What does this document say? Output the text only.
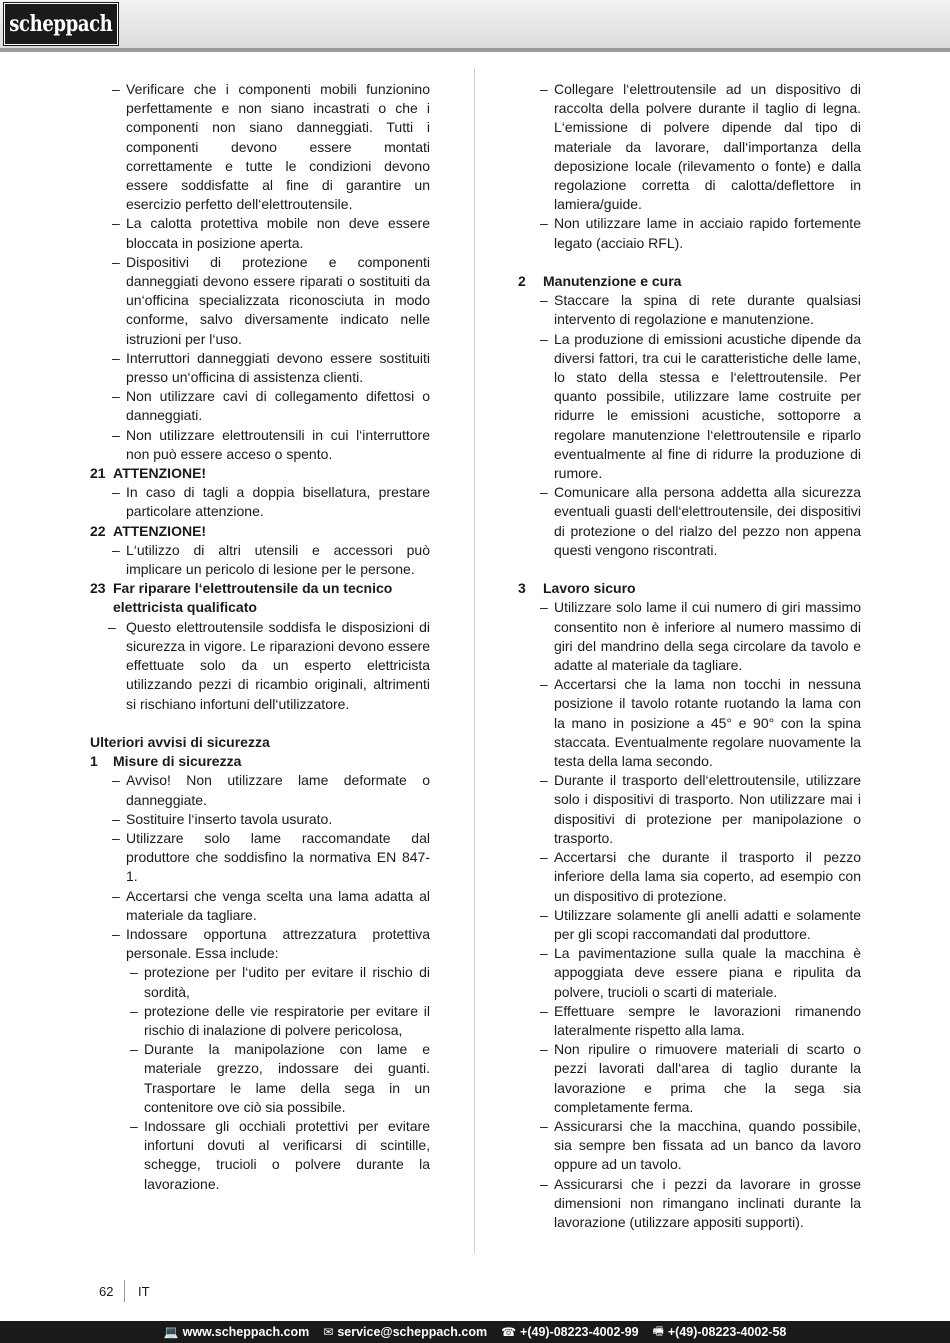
scheppach
– Verificare che i componenti mobili funzionino perfettamente e non siano incastrati o che i componenti non siano danneggiati. Tutti i componenti devono essere montati correttamente e tutte le condizioni devono essere soddisfatte al fine di garantire un esercizio perfetto dell‘elettroutensile.
– La calotta protettiva mobile non deve essere bloccata in posizione aperta.
– Dispositivi di protezione e componenti danneggiati devono essere riparati o sostituiti da un‘officina specializzata riconosciuta in modo conforme, salvo diversamente indicato nelle istruzioni per l‘uso.
– Interruttori danneggiati devono essere sostituiti presso un‘officina di assistenza clienti.
– Non utilizzare cavi di collegamento difettosi o danneggiati.
– Non utilizzare elettroutensili in cui l‘interruttore non può essere acceso o spento.
21 ATTENZIONE!
– In caso di tagli a doppia bisellatura, prestare particolare attenzione.
22 ATTENZIONE!
– L‘utilizzo di altri utensili e accessori può implicare un pericolo di lesione per le persone.
23 Far riparare l‘elettroutensile da un tecnico elettricista qualificato
– Questo elettroutensile soddisfa le disposizioni di sicurezza in vigore. Le riparazioni devono essere effettuate solo da un esperto elettricista utilizzando pezzi di ricambio originali, altrimenti si rischiano infortuni dell‘utilizzatore.
Ulteriori avvisi di sicurezza
1 Misure di sicurezza
– Avviso! Non utilizzare lame deformate o danneggiate.
– Sostituire l‘inserto tavola usurato.
– Utilizzare solo lame raccomandate dal produttore che soddisfino la normativa EN 847-1.
– Accertarsi che venga scelta una lama adatta al materiale da tagliare.
– Indossare opportuna attrezzatura protettiva personale. Essa include:
– protezione per l‘udito per evitare il rischio di sordità,
– protezione delle vie respiratorie per evitare il rischio di inalazione di polvere pericolosa,
– Durante la manipolazione con lame e materiale grezzo, indossare dei guanti. Trasportare le lame della sega in un contenitore ove ciò sia possibile.
– Indossare gli occhiali protettivi per evitare infortuni dovuti al verificarsi di scintille, schegge, trucioli o polvere durante la lavorazione.
– Collegare l‘elettroutensile ad un dispositivo di raccolta della polvere durante il taglio di legna. L‘emissione di polvere dipende dal tipo di materiale da lavorare, dall‘importanza della deposizione locale (rilevamento o fonte) e dalla regolazione corretta di calotta/deflettore in lamiera/guide.
– Non utilizzare lame in acciaio rapido fortemente legato (acciaio RFL).
2 Manutenzione e cura
– Staccare la spina di rete durante qualsiasi intervento di regolazione e manutenzione.
– La produzione di emissioni acustiche dipende da diversi fattori, tra cui le caratteristiche delle lame, lo stato della stessa e l‘elettroutensile. Per quanto possibile, utilizzare lame costruite per ridurre le emissioni acustiche, sottoporre a regolare manutenzione l‘elettroutensile e riparlo eventualmente al fine di ridurre la produzione di rumore.
– Comunicare alla persona addetta alla sicurezza eventuali guasti dell‘elettroutensile, dei dispositivi di protezione o del rialzo del pezzo non appena questi vengono riscontrati.
3 Lavoro sicuro
– Utilizzare solo lame il cui numero di giri massimo consentito non è inferiore al numero massimo di giri del mandrino della sega circolare da tavolo e adatte al materiale da tagliare.
– Accertarsi che la lama non tocchi in nessuna posizione il tavolo rotante ruotando la lama con la mano in posizione a 45° e 90° con la spina staccata. Eventualmente regolare nuovamente la testa della lama secondo.
– Durante il trasporto dell‘elettroutensile, utilizzare solo i dispositivi di trasporto. Non utilizzare mai i dispositivi di protezione per manipolazione o trasporto.
– Accertarsi che durante il trasporto il pezzo inferiore della lama sia coperto, ad esempio con un dispositivo di protezione.
– Utilizzare solamente gli anelli adatti e solamente per gli scopi raccomandati dal produttore.
– La pavimentazione sulla quale la macchina è appoggiata deve essere piana e ripulita da polvere, trucioli o scarti di materiale.
– Effettuare sempre le lavorazioni rimanendo lateralmente rispetto alla lama.
– Non ripulire o rimuovere materiali di scarto o pezzi lavorati dall‘area di taglio durante la lavorazione e prima che la sega sia completamente ferma.
– Assicurarsi che la macchina, quando possibile, sia sempre ben fissata ad un banco da lavoro oppure ad un tavolo.
– Assicurarsi che i pezzi da lavorare in grosse dimensioni non rimangano inclinati durante la lavorazione (utilizzare appositi supporti).
62 IT
💻 www.scheppach.com ✉ service@scheppach.com ☎ +(49)-08223-4002-99 🖷 +(49)-08223-4002-58
